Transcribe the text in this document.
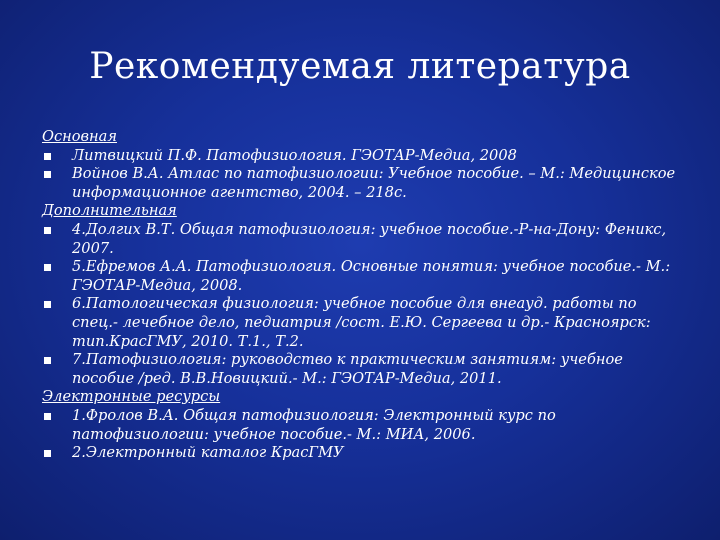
Рекомендуемая литература
Основная
Литвицкий П.Ф. Патофизиология. ГЭОТАР-Медиа, 2008
Войнов В.А. Атлас по патофизиологии: Учебное пособие. – М.: Медицинское информационное агентство, 2004. – 218с.
Дополнительная
4.Долгих В.Т. Общая патофизиология: учебное пособие.-Р-на-Дону: Феникс, 2007.
5.Ефремов А.А. Патофизиология. Основные понятия: учебное пособие.- М.: ГЭОТАР-Медиа, 2008.
6.Патологическая физиология: учебное пособие для внеауд. работы по спец.- лечебное дело, педиатрия /сост. Е.Ю. Сергеева и др.- Красноярск: тип.КрасГМУ, 2010. Т.1., Т.2.
7.Патофизиология: руководство к практическим занятиям: учебное пособие /ред. В.В.Новицкий.- М.: ГЭОТАР-Медиа, 2011.
Электронные ресурсы
1.Фролов В.А. Общая патофизиология: Электронный курс по патофизиологии: учебное пособие.- М.: МИА, 2006.
2.Электронный каталог КрасГМУ
